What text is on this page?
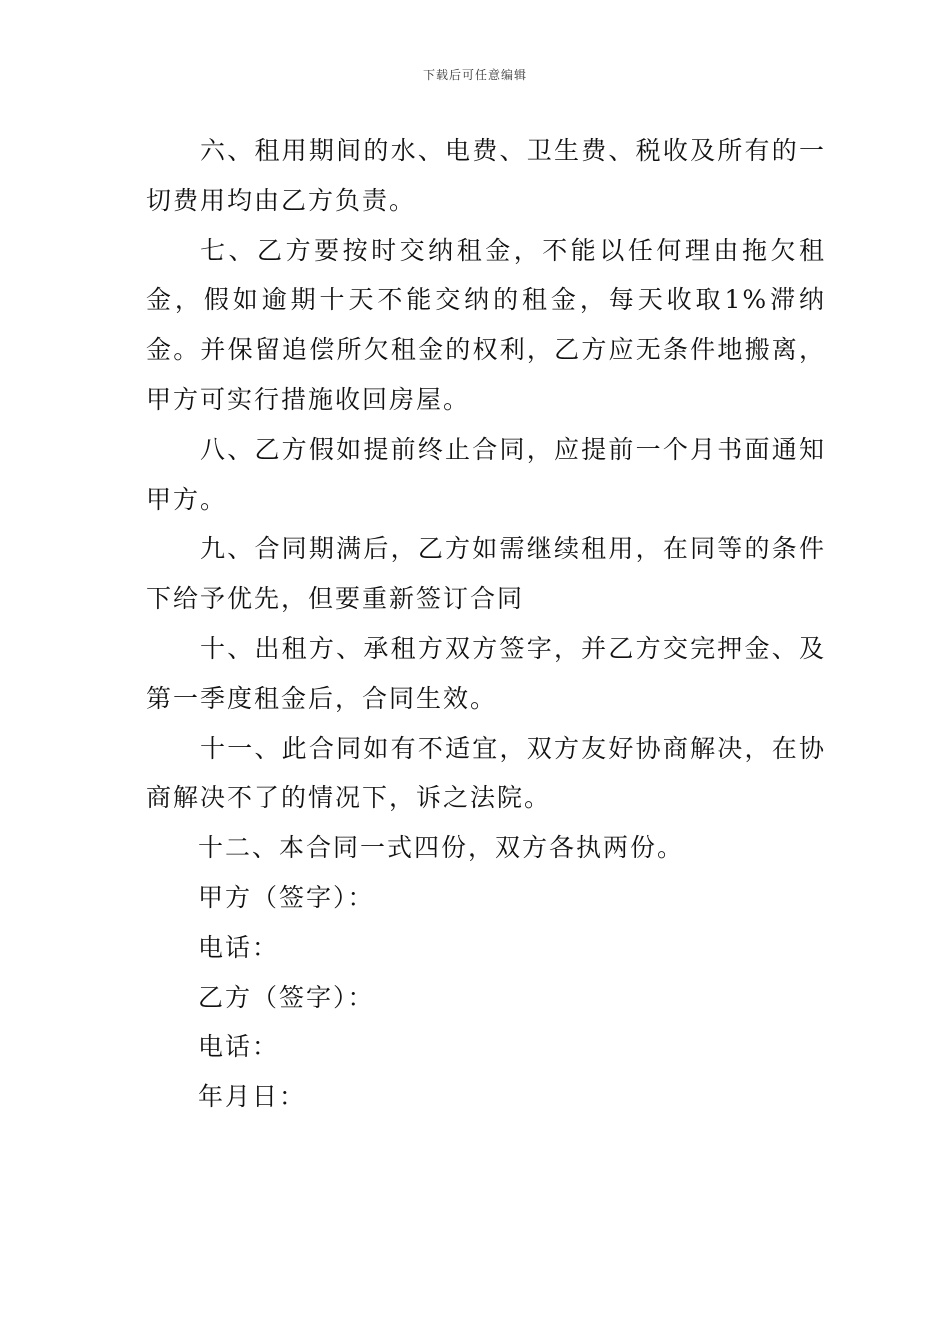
下载后可任意编辑

六、租用期间的水、电费、卫生费、税收及所有的一切费用均由乙方负责。

七、乙方要按时交纳租金，不能以任何理由拖欠租金，假如逾期十天不能交纳的租金，每天收取1%滞纳金。并保留追偿所欠租金的权利，乙方应无条件地搬离，甲方可实行措施收回房屋。

八、乙方假如提前终止合同，应提前一个月书面通知甲方。

九、合同期满后，乙方如需继续租用，在同等的条件下给予优先，但要重新签订合同

十、出租方、承租方双方签字，并乙方交完押金、及第一季度租金后，合同生效。

十一、此合同如有不适宜，双方友好协商解决，在协商解决不了的情况下，诉之法院。

十二、本合同一式四份，双方各执两份。

甲方（签字）：

电话：

乙方（签字）：

电话：

年月日：
